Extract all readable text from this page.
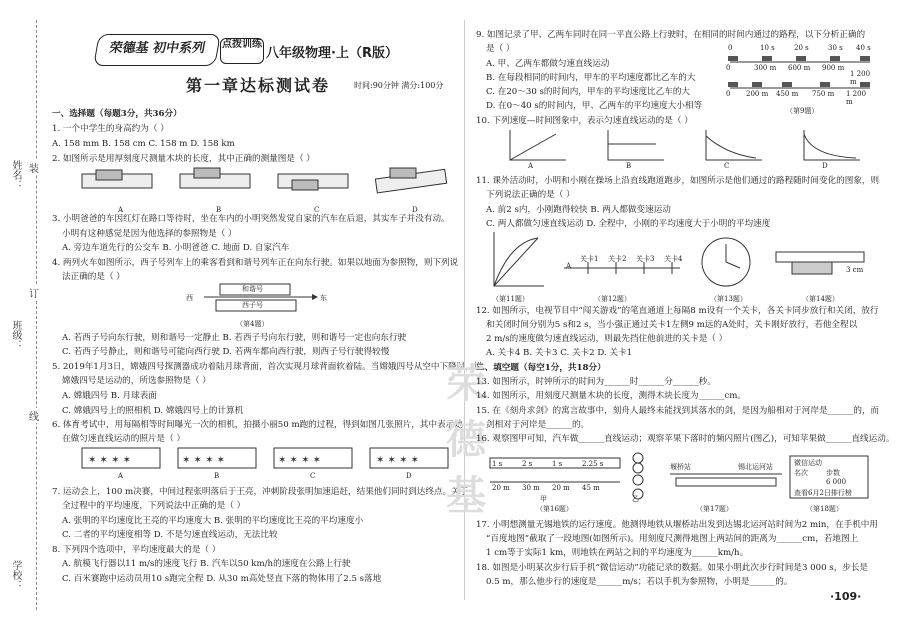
姓名：
班级：
学校：
装
订
线
荣德基 初中系列	点拨训练
八年级物理·上（R版）
第一章达标测试卷	时间:90分钟 满分:100分
一、选择题（每题3分，共36分）
1. 一个中学生的身高约为（ ）
A. 158 mm B. 158 cm C. 158 m D. 158 km
2. 如图所示是用厚刻度尺测量木块的长度，其中正确的测量图是（ ）
A	B	C	D
3. 小明爸爸的车因红灯在路口等待时，坐在车内的小明突然发觉自家的汽车在后退，其实车子并没有动。
小明有这种感觉是因为他选择的参照物是（ ）
A. 旁边车道先行的公交车 B. 小明爸爸 C. 地面 D. 自家汽车
4. 两列火车如图所示，西子号列车上的乘客看到和谐号列车正在向东行驶。如果以地面为参照物，则下列说
法正确的是（ ）
西	东
和谐号
西子号
（第4题）
A. 若西子号向东行驶，则和谐号一定静止 B. 若西子号向东行驶，则和谐号一定也向东行驶
C. 若西子号静止，则和谐号可能向西行驶 D. 若两车都向西行驶，则西子号行驶得较慢
5. 2019年1月3日，嫦娥四号探测器成功着陆月球背面，首次实现月球背面软着陆。当嫦娥四号从空中下降时，说
嫦娥四号是运动的，所选参照物是（ ）
A. 嫦娥四号 B. 月球表面
C. 嫦娥四号上的照相机 D. 嫦娥四号上的计算机
6. 体育考试中，用每隔相等时间曝光一次的相机，拍摄小丽50 m跑的过程，得到如图几张照片，其中表示她
在做匀速直线运动的照片是（ ）
✶ ✶ ✶ ✶	✶ ✶ ✶ ✶	✶ ✶ ✶ ✶	✶ ✶ ✶ ✶
A	B	C	D
7. 运动会上，100 m决赛，中间过程张明落后于王亮，冲刺阶段张明加速追赶，结果他们同时到达终点。关于
全过程中的平均速度，下列说法中正确的是（ ）
A. 张明的平均速度比王亮的平均速度大 B. 张明的平均速度比王亮的平均速度小
C. 二者的平均速度相等 D. 不是匀速直线运动，无法比较
8. 下列四个选项中，平均速度最大的是（ ）
A. 航模飞行器以11 m/s的速度飞行 B. 汽车以50 km/h的速度在公路上行驶
C. 百米赛跑中运动员用10 s跑完全程 D. 从30 m高处竖直下落的物体用了2.5 s落地
荣德基
9. 如图记录了甲、乙两车同时在同一平直公路上行驶时，在相同的时间内通过的路程，以下分析正确的
是（ ）
A. 甲、乙两车都做匀速直线运动
B. 在每段相同的时间内，甲车的平均速度都比乙车的大
C. 在20～30 s的时间内，甲车的平均速度比乙车的大
D. 在0～40 s的时间内，甲、乙两车的平均速度大小相等
0	10 s	20 s	30 s 40 s
0	300 m 600 m 900 m
1 200 m
0 200 m 450 m 750 m 1 200 m
（第9题）
10. 下列速度—时间图象中，表示匀速直线运动的是（ ）
A	B	C	D
11. 课外活动时，小明和小刚在操场上沿直线跑道跑步，如图所示是他们通过的路程随时间变化的图象，则
下列说法正确的是（ ）
A. 前2 s内，小刚跑得较快 B. 两人都做变速运动
C. 两人都做匀速直线运动 D. 全程中，小刚的平均速度大于小明的平均速度
A
关卡1 关卡2 关卡3 关卡4
3 cm
（第11题）	（第12题）	（第13题）	（第14题）
12. 如图所示，电视节目中“闯关游戏”的笔直通道上每隔8 m设有一个关卡，各关卡同步放行和关闭，放行
和关闭时间分别为5 s和2 s，当小强正通过关卡1左侧9 m远的A处时，关卡刚好放行，若他全程以
2 m/s的速度做匀速直线运动，则最先挡住他前进的关卡是（ ）
A. 关卡4 B. 关卡3 C. 关卡2 D. 关卡1
二、填空题（每空1分，共18分）
13. 如图所示，时钟所示的时间为______时______分______秒。
14. 如图所示，用刻度尺测量木块的长度，测得木块长度为______cm。
15. 在《刻舟求剑》的寓言故事中，刻舟人最终未能找到其落水的剑，是因为船相对于河岸是______的，而
剑相对于河岸是______的。
16. 观察图甲可知，汽车做______直线运动；观察苹果下落时的频闪照片(图乙)，可知苹果做______直线运动。
1 s	2 s	1 s	2.25 s
20 m 30 m 20 m 45 m
甲	乙
堰桥站	锡北运河站	微信运动
名次	步数
6 000
查看6月2日排行榜
（第16题）	（第17题）	（第18题）
17. 小明想测量无锡地铁的运行速度。他测得地铁从堰桥站出发到达锡北运河站时间为2 min，在手机中用
“百度地图”截取了一段地图(如图所示)。用刻度尺测得地图上两站间的距离为______cm，若地图上
1 cm等于实际1 km，则地铁在两站之间的平均速度为______km/h。
18. 如图是小明某次步行后手机“微信运动”功能记录的数据。如果小明此次步行时间是3 000 s，步长是
0.5 m，那么他步行的速度是______m/s；若以手机为参照物，小明是______的。
·109·
